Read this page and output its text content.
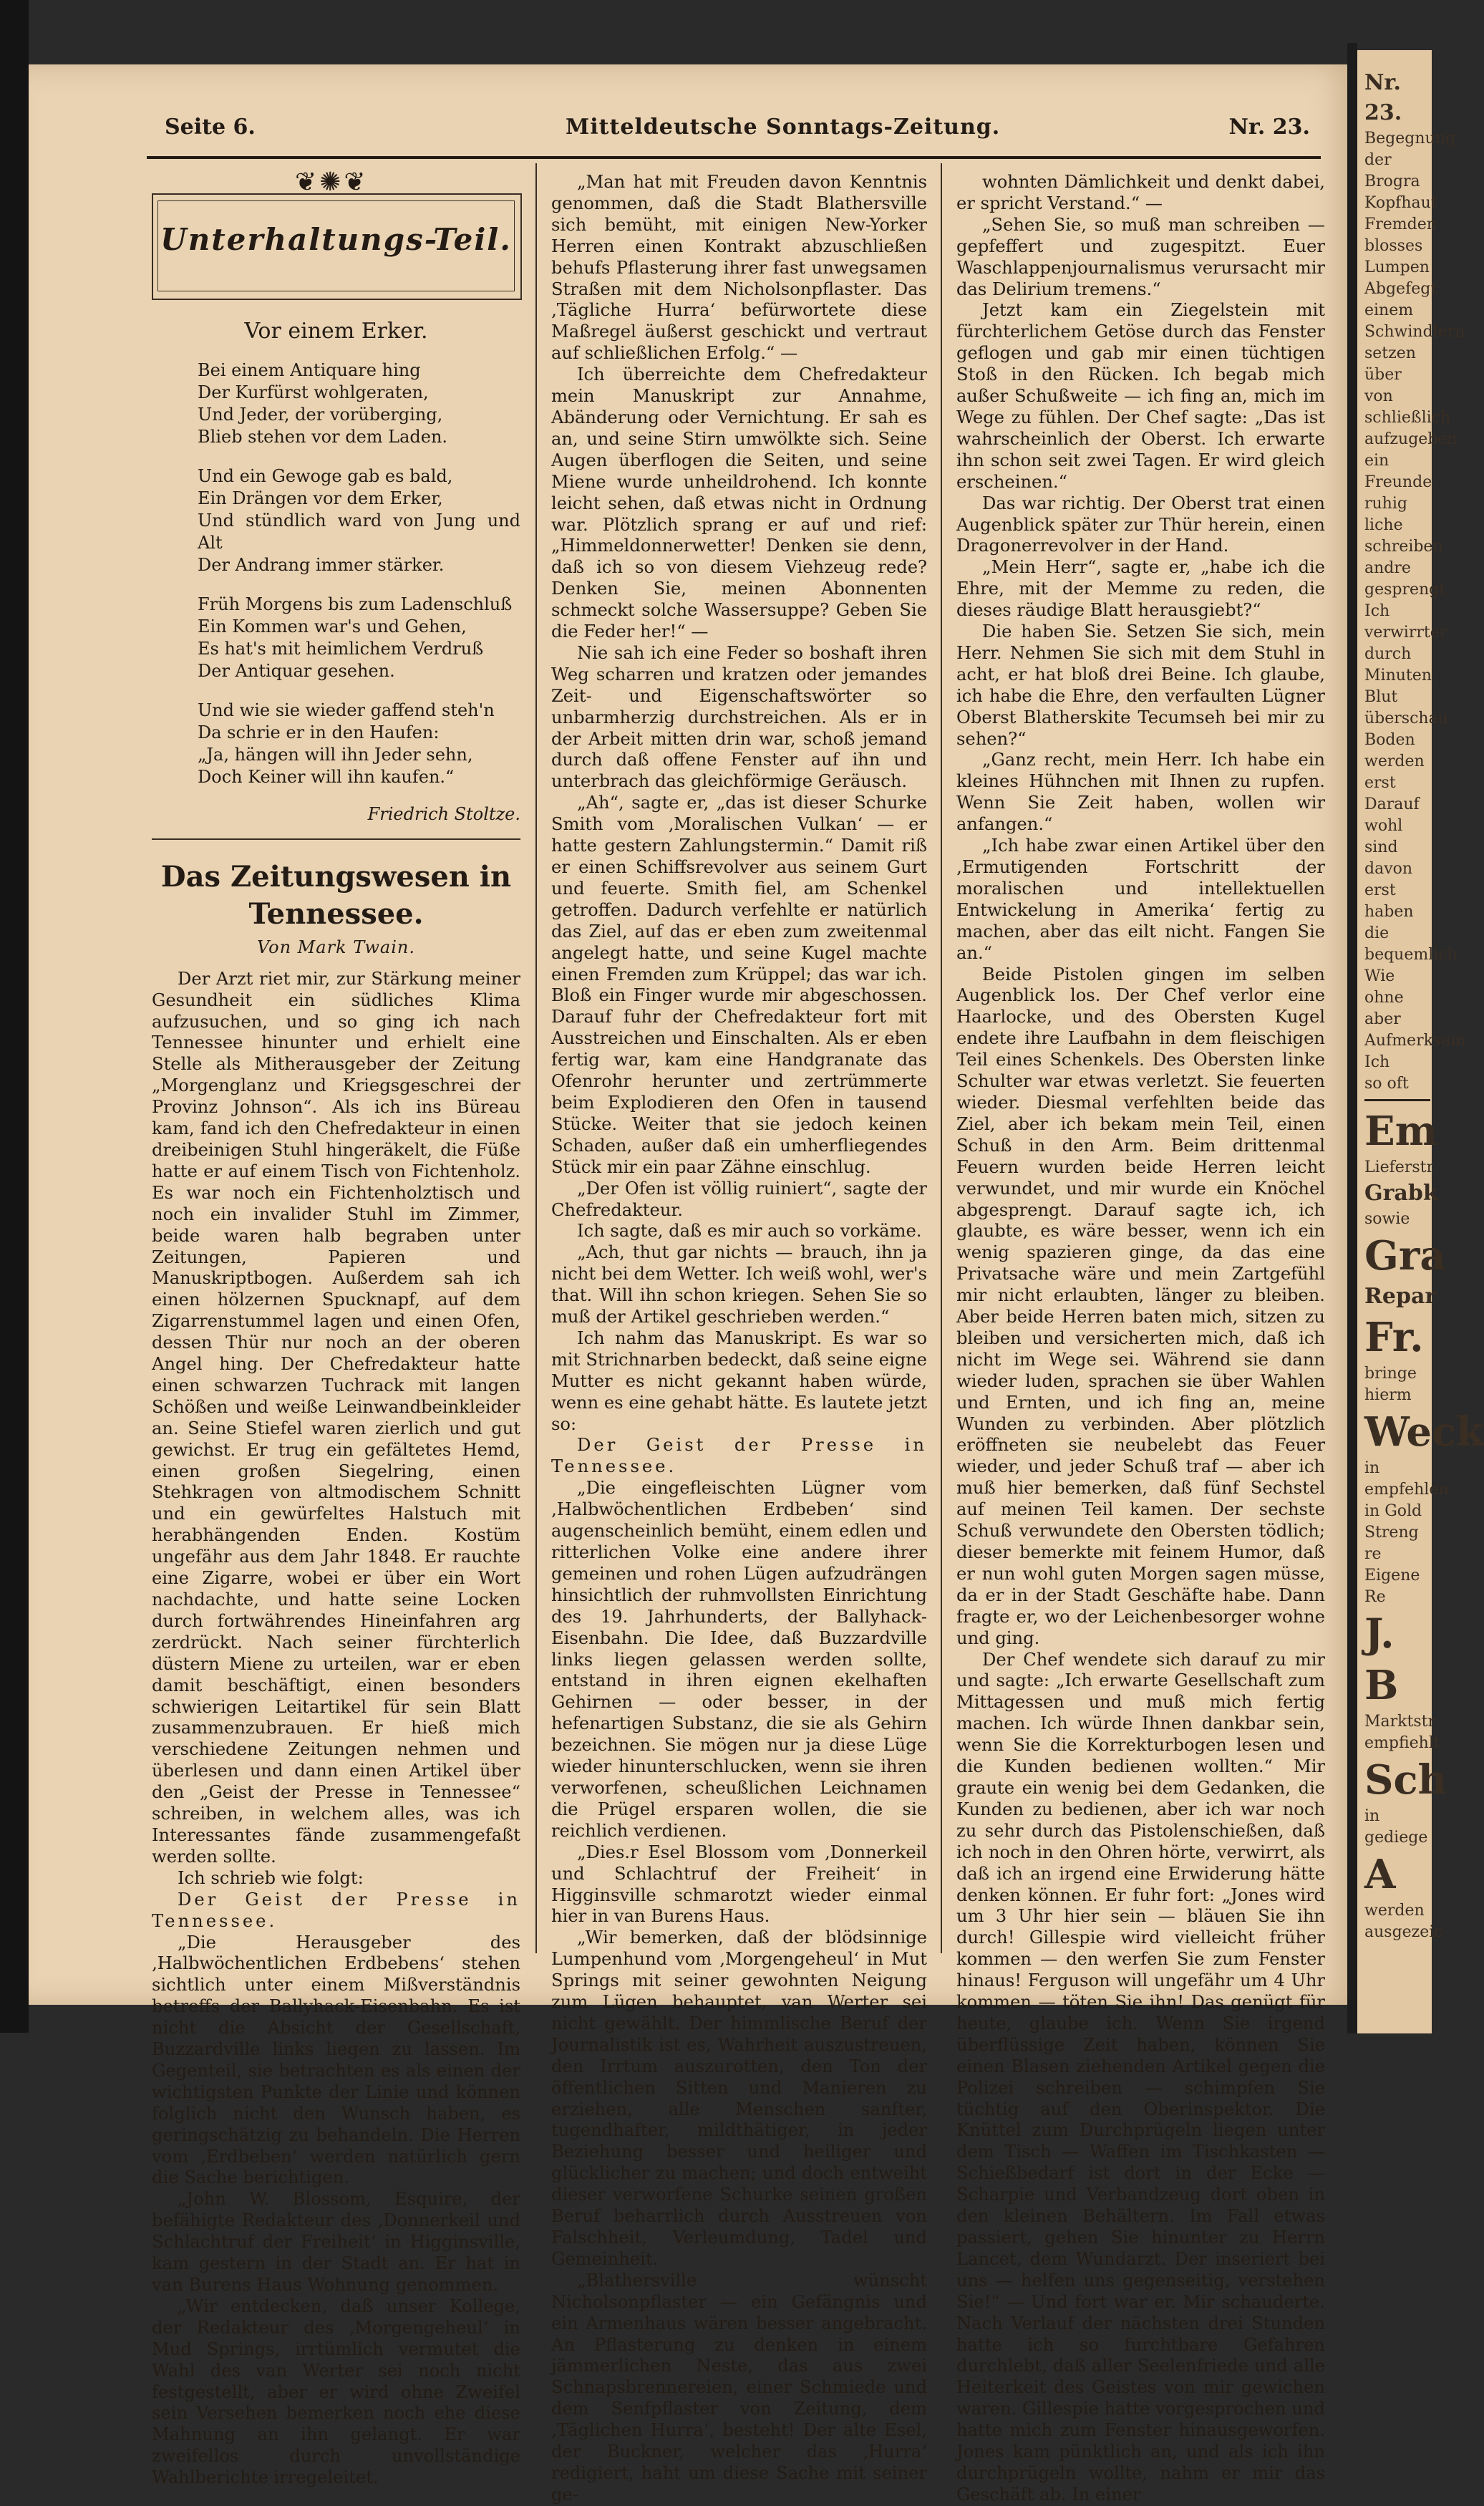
Nr. 23.
Begegnung
der Brogra
Kopfhaut
Fremden
blosses
Lumpen
Abgefegt
einem
Schwindlern
setzen
über
von
schließlich
aufzugeben
ein
Freunde
ruhig
liche
schreiben
andre
gesprengt
Ich
verwirrter
durch
Minuten
Blut
überschau
Boden
werden
erst
Darauf
wohl
sind
davon
erst
haben
die
bequemlich
Wie
ohne
aber
Aufmerksam
Ich
so oft
Em
Lieferstr
Grabk
sowie
Gra
Repar
Fr.
bringe hierm
Weck
in empfehlen
in Gold
Streng re
Eigene Re
J. B
Marktstr
empfiehlt
Sch
in gediege
A
werden
ausgezeic
Seite 6.	Mitteldeutsche Sonntags-Zeitung.	Nr. 23.
❦✺❦
Unterhaltungs-Teil.
Vor einem Erker.
Bei einem Antiquare hing
Der Kurfürst wohlgeraten,
Und Jeder, der vorüberging,
Blieb stehen vor dem Laden.
Und ein Gewoge gab es bald,
Ein Drängen vor dem Erker,
Und stündlich ward von Jung und Alt
Der Andrang immer stärker.
Früh Morgens bis zum Ladenschluß
Ein Kommen war's und Gehen,
Es hat's mit heimlichem Verdruß
Der Antiquar gesehen.
Und wie sie wieder gaffend steh'n
Da schrie er in den Haufen:
„Ja, hängen will ihn Jeder sehn,
Doch Keiner will ihn kaufen.“
Friedrich Stoltze.
Das Zeitungswesen in
Tennessee.
Von Mark Twain.

Der Arzt riet mir, zur Stärkung meiner Gesundheit ein südliches Klima aufzusuchen, und so ging ich nach Tennessee hinunter und erhielt eine Stelle als Mitherausgeber der Zeitung „Morgenglanz und Kriegsgeschrei der Provinz Johnson“. Als ich ins Büreau kam, fand ich den Chefredakteur in einen dreibeinigen Stuhl hingeräkelt, die Füße hatte er auf einem Tisch von Fichtenholz. Es war noch ein Fichtenholztisch und noch ein invalider Stuhl im Zimmer, beide waren halb begraben unter Zeitungen, Papieren und Manuskriptbogen. Außerdem sah ich einen hölzernen Spucknapf, auf dem Zigarrenstummel lagen und einen Ofen, dessen Thür nur noch an der oberen Angel hing. Der Chefredakteur hatte einen schwarzen Tuchrack mit langen Schößen und weiße Leinwandbeinkleider an. Seine Stiefel waren zierlich und gut gewichst. Er trug ein gefältetes Hemd, einen großen Siegelring, einen Stehkragen von altmodischem Schnitt und ein gewürfeltes Halstuch mit herabhängenden Enden. Kostüm ungefähr aus dem Jahr 1848. Er rauchte eine Zigarre, wobei er über ein Wort nachdachte, und hatte seine Locken durch fortwährendes Hineinfahren arg zerdrückt. Nach seiner fürchterlich düstern Miene zu urteilen, war er eben damit beschäftigt, einen besonders schwierigen Leitartikel für sein Blatt zusammenzubrauen. Er hieß mich verschiedene Zeitungen nehmen und überlesen und dann einen Artikel über den „Geist der Presse in Tennessee“ schreiben, in welchem alles, was ich Interessantes fände zusammengefaßt werden sollte.

Ich schrieb wie folgt:

Der Geist der Presse in Tennessee.

„Die Herausgeber des ‚Halbwöchentlichen Erdbebens‘ stehen sichtlich unter einem Mißverständnis betreffs der Ballyhack-Eisenbahn. Es ist nicht die Absicht der Gesellschaft, Buzzardville links liegen zu lassen. Im Gegenteil, sie betrachten es als einen der wichtigsten Punkte der Linie und können folglich nicht den Wunsch haben, es geringschätzig zu behandeln. Die Herren vom ‚Erdbeben‘ werden natürlich gern die Sache berichtigen.

„John W. Blossom, Esquire, der befähigte Redakteur des ‚Donnerkeil und Schlachtruf der Freiheit‘ in Higginsville, kam gestern in der Stadt an. Er hat in van Burens Haus Wohnung genommen.

„Wir entdecken, daß unser Kollege, der Redakteur des ‚Morgengeheul‘ in Mud Springs, irrtümlich vermutet die Wahl des van Werter sei noch nicht festgestellt, aber er wird ohne Zweifel sein Versehen bemerken noch ehe diese Mahnung an ihn gelangt. Er war zweifellos durch unvollständige Wahlberichte irregeleitet.

„Man hat mit Freuden davon Kenntnis genommen, daß die Stadt Blathersville sich bemüht, mit einigen New-Yorker Herren einen Kontrakt abzuschließen behufs Pflasterung ihrer fast unwegsamen Straßen mit dem Nicholsonpflaster. Das ‚Tägliche Hurra‘ befürwortete diese Maßregel äußerst geschickt und vertraut auf schließlichen Erfolg.“ —

Ich überreichte dem Chefredakteur mein Manuskript zur Annahme, Abänderung oder Vernichtung. Er sah es an, und seine Stirn umwölkte sich. Seine Augen überflogen die Seiten, und seine Miene wurde unheildrohend. Ich konnte leicht sehen, daß etwas nicht in Ordnung war. Plötzlich sprang er auf und rief: „Himmeldonnerwetter! Denken sie denn, daß ich so von diesem Viehzeug rede? Denken Sie, meinen Abonnenten schmeckt solche Wassersuppe? Geben Sie die Feder her!“ —

Nie sah ich eine Feder so boshaft ihren Weg scharren und kratzen oder jemandes Zeit- und Eigenschaftswörter so unbarmherzig durchstreichen. Als er in der Arbeit mitten drin war, schoß jemand durch daß offene Fenster auf ihn und unterbrach das gleichförmige Geräusch.

„Ah“, sagte er, „das ist dieser Schurke Smith vom ‚Moralischen Vulkan‘ — er hatte gestern Zahlungstermin.“ Damit riß er einen Schiffsrevolver aus seinem Gurt und feuerte. Smith fiel, am Schenkel getroffen. Dadurch verfehlte er natürlich das Ziel, auf das er eben zum zweitenmal angelegt hatte, und seine Kugel machte einen Fremden zum Krüppel; das war ich. Bloß ein Finger wurde mir abgeschossen. Darauf fuhr der Chefredakteur fort mit Ausstreichen und Einschalten. Als er eben fertig war, kam eine Handgranate das Ofenrohr herunter und zertrümmerte beim Explodieren den Ofen in tausend Stücke. Weiter that sie jedoch keinen Schaden, außer daß ein umherfliegendes Stück mir ein paar Zähne einschlug.

„Der Ofen ist völlig ruiniert“, sagte der Chefredakteur.

Ich sagte, daß es mir auch so vorkäme.

„Ach, thut gar nichts — brauch, ihn ja nicht bei dem Wetter. Ich weiß wohl, wer's that. Will ihn schon kriegen. Sehen Sie so muß der Artikel geschrieben werden.“

Ich nahm das Manuskript. Es war so mit Strichnarben bedeckt, daß seine eigne Mutter es nicht gekannt haben würde, wenn es eine gehabt hätte. Es lautete jetzt so:

Der Geist der Presse in Tennessee.

„Die eingefleischten Lügner vom ‚Halbwöchentlichen Erdbeben‘ sind augenscheinlich bemüht, einem edlen und ritterlichen Volke eine andere ihrer gemeinen und rohen Lügen aufzudrängen hinsichtlich der ruhmvollsten Einrichtung des 19. Jahrhunderts, der Ballyhack-Eisenbahn. Die Idee, daß Buzzardville links liegen gelassen werden sollte, entstand in ihren eignen ekelhaften Gehirnen — oder besser, in der hefenartigen Substanz, die sie als Gehirn bezeichnen. Sie mögen nur ja diese Lüge wieder hinunterschlucken, wenn sie ihren verworfenen, scheußlichen Leichnamen die Prügel ersparen wollen, die sie reichlich verdienen.

„Dies.r Esel Blossom vom ‚Donnerkeil und Schlachtruf der Freiheit‘ in Higginsville schmarotzt wieder einmal hier in van Burens Haus.

„Wir bemerken, daß der blödsinnige Lumpenhund vom ‚Morgengeheul‘ in Mut Springs mit seiner gewohnten Neigung zum Lügen behauptet, van Werter sei nicht gewählt. Der himmlische Beruf der Journalistik ist es, Wahrheit auszustreuen, den Irrtum auszurotten, den Ton der öffentlichen Sitten und Manieren zu erziehen, alle Menschen sanfter, tugendhafter, mildthätiger, in jeder Beziehung besser und heiliger und glücklicher zu machen; und doch entweiht dieser verworfene Schurke seinen großen Beruf beharrlich durch Ausstreuen von Falschheit, Verleumdung, Tadel und Gemeinheit.

„Blathersville wünscht Nicholsonpflaster — ein Gefängnis und ein Armenhaus wären besser angebracht. An Pflasterung zu denken in einem jämmerlichen Neste, das aus zwei Schnapsbrennereien, einer Schmiede und dem Senfpflaster von Zeitung, dem ‚Täglichen Hurra‘, besteht! Der alte Esel, der Buckner, welcher das ‚Hurra‘ redigiert, haht um diese Sache mit seiner ge-

wohnten Dämlichkeit und denkt dabei, er spricht Verstand.“ —

„Sehen Sie, so muß man schreiben — gepfeffert und zugespitzt. Euer Waschlappenjournalismus verursacht mir das Delirium tremens.“

Jetzt kam ein Ziegelstein mit fürchterlichem Getöse durch das Fenster geflogen und gab mir einen tüchtigen Stoß in den Rücken. Ich begab mich außer Schußweite — ich fing an, mich im Wege zu fühlen. Der Chef sagte: „Das ist wahrscheinlich der Oberst. Ich erwarte ihn schon seit zwei Tagen. Er wird gleich erscheinen.“

Das war richtig. Der Oberst trat einen Augenblick später zur Thür herein, einen Dragonerrevolver in der Hand.

„Mein Herr“, sagte er, „habe ich die Ehre, mit der Memme zu reden, die dieses räudige Blatt herausgiebt?“

Die haben Sie. Setzen Sie sich, mein Herr. Nehmen Sie sich mit dem Stuhl in acht, er hat bloß drei Beine. Ich glaube, ich habe die Ehre, den verfaulten Lügner Oberst Blatherskite Tecumseh bei mir zu sehen?“

„Ganz recht, mein Herr. Ich habe ein kleines Hühnchen mit Ihnen zu rupfen. Wenn Sie Zeit haben, wollen wir anfangen.“

„Ich habe zwar einen Artikel über den ‚Ermutigenden Fortschritt der moralischen und intellektuellen Entwickelung in Amerika‘ fertig zu machen, aber das eilt nicht. Fangen Sie an.“

Beide Pistolen gingen im selben Augenblick los. Der Chef verlor eine Haarlocke, und des Obersten Kugel endete ihre Laufbahn in dem fleischigen Teil eines Schenkels. Des Obersten linke Schulter war etwas verletzt. Sie feuerten wieder. Diesmal verfehlten beide das Ziel, aber ich bekam mein Teil, einen Schuß in den Arm. Beim drittenmal Feuern wurden beide Herren leicht verwundet, und mir wurde ein Knöchel abgesprengt. Darauf sagte ich, ich glaubte, es wäre besser, wenn ich ein wenig spazieren ginge, da das eine Privatsache wäre und mein Zartgefühl mir nicht erlaubten, länger zu bleiben. Aber beide Herren baten mich, sitzen zu bleiben und versicherten mich, daß ich nicht im Wege sei. Während sie dann wieder luden, sprachen sie über Wahlen und Ernten, und ich fing an, meine Wunden zu verbinden. Aber plötzlich eröffneten sie neubelebt das Feuer wieder, und jeder Schuß traf — aber ich muß hier bemerken, daß fünf Sechstel auf meinen Teil kamen. Der sechste Schuß verwundete den Obersten tödlich; dieser bemerkte mit feinem Humor, daß er nun wohl guten Morgen sagen müsse, da er in der Stadt Geschäfte habe. Dann fragte er, wo der Leichenbesorger wohne und ging.

Der Chef wendete sich darauf zu mir und sagte: „Ich erwarte Gesellschaft zum Mittagessen und muß mich fertig machen. Ich würde Ihnen dankbar sein, wenn Sie die Korrekturbogen lesen und die Kunden bedienen wollten.“ Mir graute ein wenig bei dem Gedanken, die Kunden zu bedienen, aber ich war noch zu sehr durch das Pistolenschießen, daß ich noch in den Ohren hörte, verwirrt, als daß ich an irgend eine Erwiderung hätte denken können. Er fuhr fort: „Jones wird um 3 Uhr hier sein — bläuen Sie ihn durch! Gillespie wird vielleicht früher kommen — den werfen Sie zum Fenster hinaus! Ferguson will ungefähr um 4 Uhr kommen — töten Sie ihn! Das genügt für heute, glaube ich. Wenn Sie irgend überflüssige Zeit haben, können Sie einen Blasen ziehenden Artikel gegen die Polizei schreiben — schimpfen Sie tüchtig auf den Oberinspektor. Die Knüttel zum Durchprügeln liegen unter dem Tisch — Waffen im Tischkasten — Schießbedarf ist dort in der Ecke — Scharpie und Verbandzeug dort oben in den kleinen Behältern. Im Fall etwas passiert, gehen Sie hinunter zu Herrn Lancet, dem Wundarzt. Der inseriert bei uns — helfen uns gegenseitig, verstehen Sie!“ — Und fort war er. Mir schauderte. Nach Verlauf der nächsten drei Stunden hatte ich so furchtbare Gefahren durchlebt, daß aller Seelenfriede und alle Heiterkeit des Geistes von mir gewichen waren. Gillespie hatte vorgesprochen und hatte mich zum Fenster hinausgeworfen. Jones kam pünktlich an, und als ich ihn durchprügeln wollte, nahm er mir das Geschäft ab. In einer
